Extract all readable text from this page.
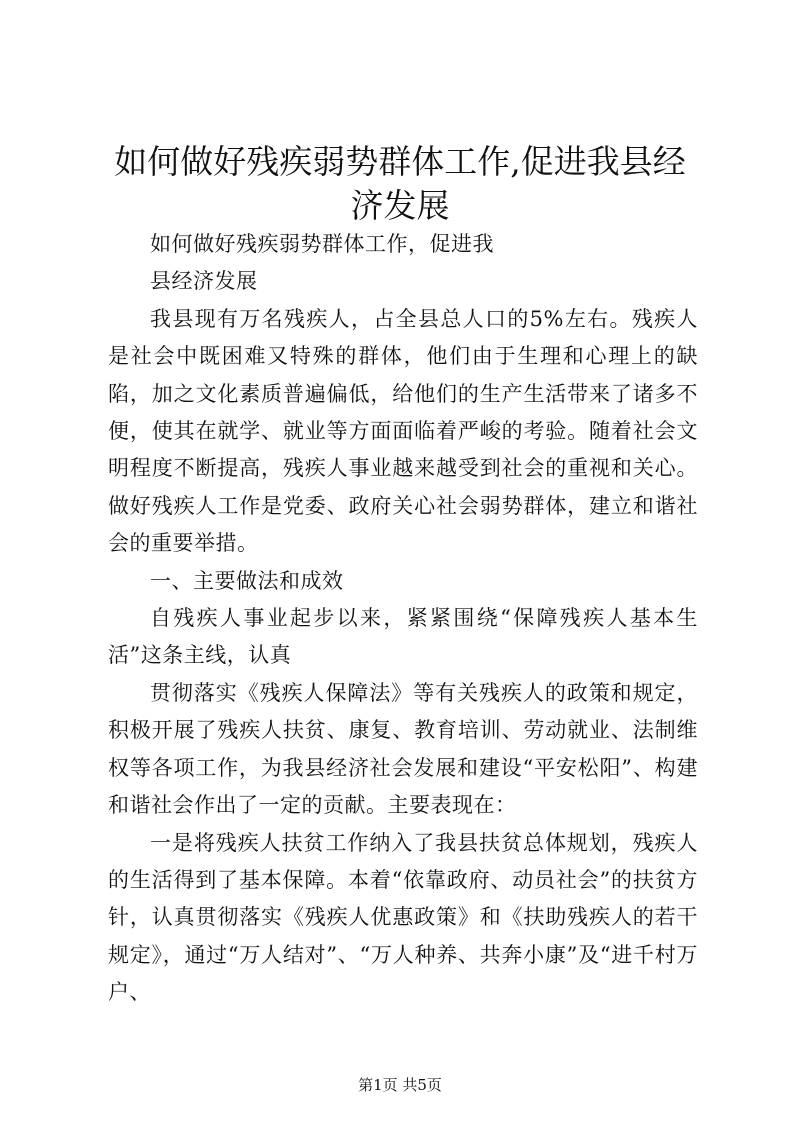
如何做好残疾弱势群体工作,促进我县经济发展

如何做好残疾弱势群体工作，促进我

县经济发展

我县现有万名残疾人，占全县总人口的5%左右。残疾人是社会中既困难又特殊的群体，他们由于生理和心理上的缺陷，加之文化素质普遍偏低，给他们的生产生活带来了诸多不便，使其在就学、就业等方面面临着严峻的考验。随着社会文明程度不断提高，残疾人事业越来越受到社会的重视和关心。做好残疾人工作是党委、政府关心社会弱势群体，建立和谐社会的重要举措。

一、主要做法和成效

自残疾人事业起步以来，紧紧围绕“保障残疾人基本生活”这条主线，认真

贯彻落实《残疾人保障法》等有关残疾人的政策和规定，积极开展了残疾人扶贫、康复、教育培训、劳动就业、法制维权等各项工作，为我县经济社会发展和建设“平安松阳”、构建和谐社会作出了一定的贡献。主要表现在：

一是将残疾人扶贫工作纳入了我县扶贫总体规划，残疾人的生活得到了基本保障。本着“依靠政府、动员社会”的扶贫方针，认真贯彻落实《残疾人优惠政策》和《扶助残疾人的若干规定》，通过“万人结对”、“万人种养、共奔小康”及“进千村万户、

第1页 共5页
